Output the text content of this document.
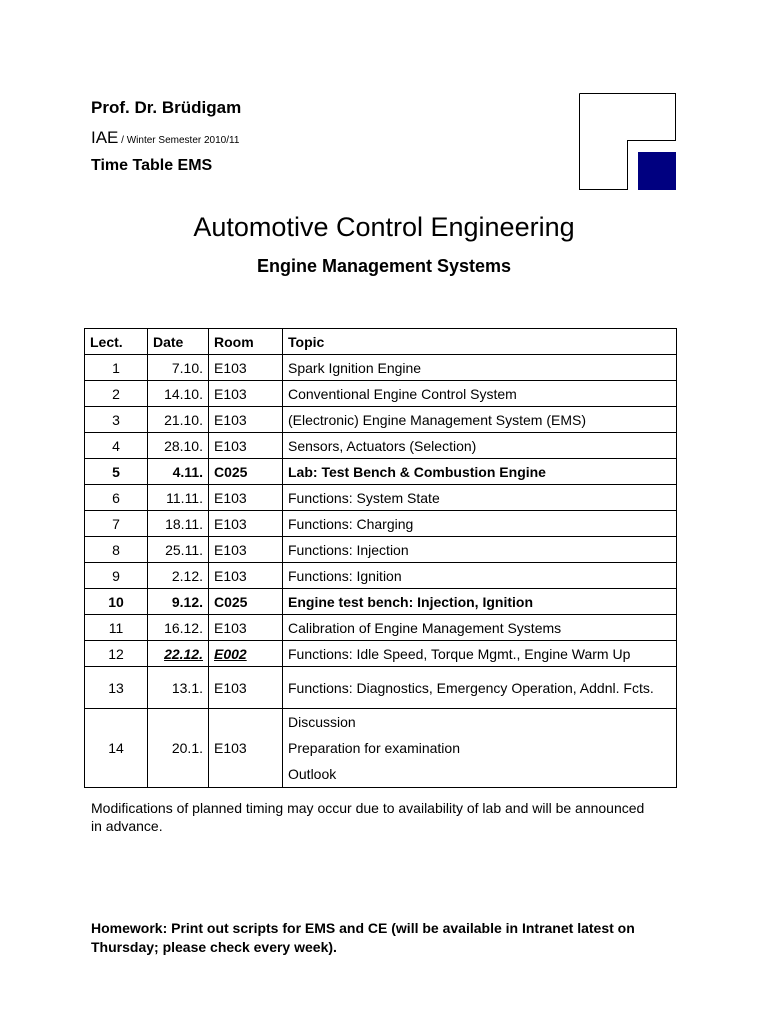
Prof. Dr. Brüdigam
IAE / Winter Semester 2010/11
Time Table EMS
Automotive Control Engineering
Engine Management Systems
Lect.	Date	Room	Topic
1	7.10.	E103	Spark Ignition Engine
2	14.10.	E103	Conventional Engine Control System
3	21.10.	E103	(Electronic) Engine Management System (EMS)
4	28.10.	E103	Sensors, Actuators (Selection)
5	4.11.	C025	Lab: Test Bench & Combustion Engine
6	11.11.	E103	Functions: System State
7	18.11.	E103	Functions: Charging
8	25.11.	E103	Functions: Injection
9	2.12.	E103	Functions: Ignition
10	9.12.	C025	Engine test bench: Injection, Ignition
11	16.12.	E103	Calibration of Engine Management Systems
12	22.12.	E002	Functions: Idle Speed, Torque Mgmt., Engine Warm Up
13	13.1.	E103	Functions: Diagnostics, Emergency Operation, Addnl. Fcts.
14	20.1.	E103	Discussion
Preparation for examination
Outlook
Modifications of planned timing may occur due to availability of lab and will be announced in advance.
Homework: Print out scripts for EMS and CE (will be available in Intranet latest on Thursday; please check every week).
